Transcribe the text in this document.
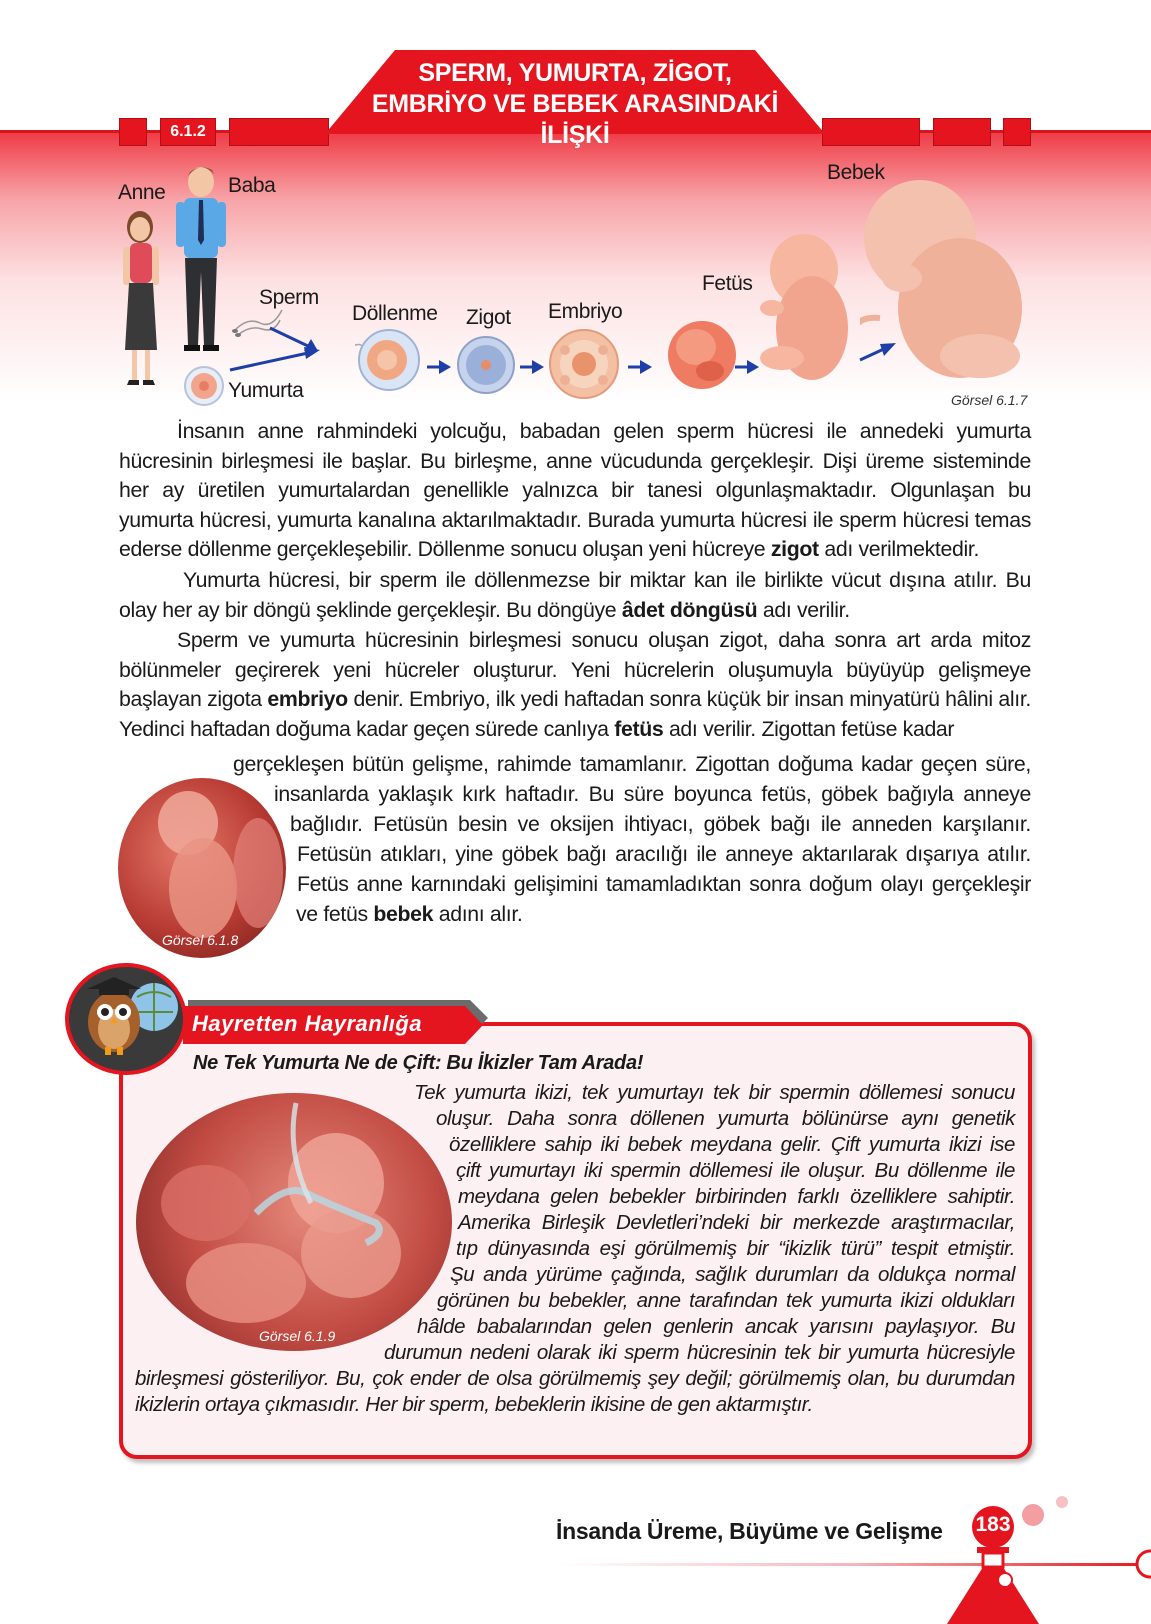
6.1.2
SPERM, YUMURTA, ZİGOT,
EMBRİYO VE BEBEK ARASINDAKİ İLİŞKİ
Anne	Baba
Sperm
Yumurta
Döllenme Zigot Embriyo
Fetüs
Bebek
Görsel 6.1.7
İnsanın anne rahmindeki yolcuğu, babadan gelen sperm hücresi ile annedeki yumurta hücresinin birleşmesi ile başlar. Bu birleşme, anne vücudunda gerçekleşir. Dişi üreme sisteminde her ay üretilen yumurtalardan genellikle yalnızca bir tanesi olgunlaşmaktadır. Olgunlaşan bu yumurta hücresi, yumurta kanalına aktarılmaktadır. Burada yumurta hücresi ile sperm hücresi temas ederse döllenme gerçekleşebilir. Döllenme sonucu oluşan yeni hücreye zigot adı verilmektedir.
Yumurta hücresi, bir sperm ile döllenmezse bir miktar kan ile birlikte vücut dışına atılır. Bu olay her ay bir döngü şeklinde gerçekleşir. Bu döngüye âdet döngüsü adı verilir.
Sperm ve yumurta hücresinin birleşmesi sonucu oluşan zigot, daha sonra art arda mitoz bölünmeler geçirerek yeni hücreler oluşturur. Yeni hücrelerin oluşumuyla büyüyüp gelişmeye başlayan zigota embriyo denir. Embriyo, ilk yedi haftadan sonra küçük bir insan minyatürü hâlini alır. Yedinci haftadan doğuma kadar geçen sürede canlıya fetüs adı verilir. Zigottan fetüse kadar
gerçekleşen bütün gelişme, rahimde tamamlanır. Zigottan doğuma kadar geçen süre,
insanlarda yaklaşık kırk haftadır. Bu süre boyunca fetüs, göbek bağıyla anneye
bağlıdır. Fetüsün besin ve oksijen ihtiyacı, göbek bağı ile anneden karşılanır.
Fetüsün atıkları, yine göbek bağı aracılığı ile anneye aktarılarak dışarıya atılır.
Fetüs anne karnındaki gelişimini tamamladıktan sonra doğum olayı gerçekleşir
ve fetüs bebek adını alır.
Görsel 6.1.8
Hayretten Hayranlığa
Ne Tek Yumurta Ne de Çift: Bu İkizler Tam Arada!
Görsel 6.1.9
Tek yumurta ikizi, tek yumurtayı tek bir spermin döllemesi sonucu
oluşur. Daha sonra döllenen yumurta bölünürse aynı genetik
özelliklere sahip iki bebek meydana gelir. Çift yumurta ikizi ise
çift yumurtayı iki spermin döllemesi ile oluşur. Bu döllenme ile
meydana gelen bebekler birbirinden farklı özelliklere sahiptir.
Amerika Birleşik Devletleri’ndeki bir merkezde araştırmacılar,
tıp dünyasında eşi görülmemiş bir “ikizlik türü” tespit etmiştir.
Şu anda yürüme çağında, sağlık durumları da oldukça normal
görünen bu bebekler, anne tarafından tek yumurta ikizi oldukları
hâlde babalarından gelen genlerin ancak yarısını paylaşıyor. Bu
durumun nedeni olarak iki sperm hücresinin tek bir yumurta hücresiyle
birleşmesi gösteriliyor. Bu, çok ender de olsa görülmemiş şey değil; görülmemiş olan, bu durumdan
ikizlerin ortaya çıkmasıdır. Her bir sperm, bebeklerin ikisine de gen aktarmıştır.
İnsanda Üreme, Büyüme ve Gelişme	183
